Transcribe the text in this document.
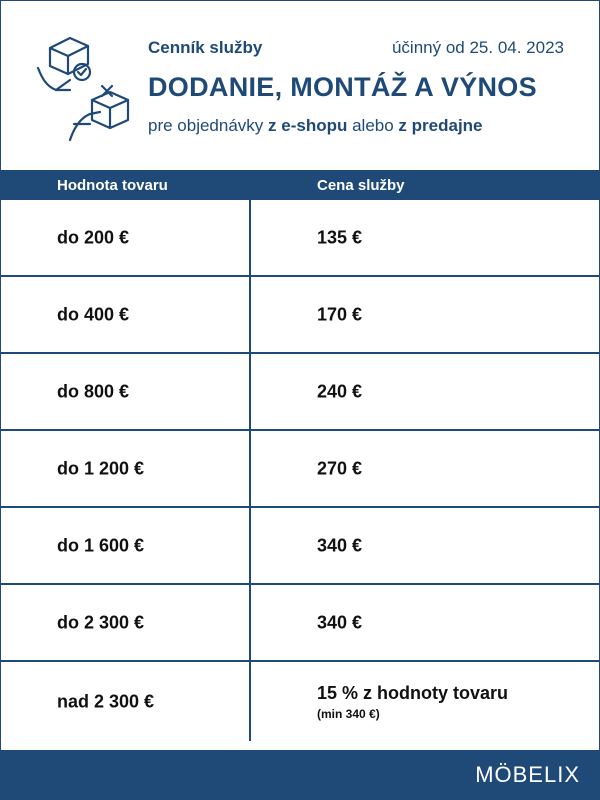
Cenník služby	účinný od 25. 04. 2023
DODANIE, MONTÁŽ A VÝNOS
pre objednávky z e-shopu alebo z predajne
Hodnota tovaru	Cena služby
do 200 €	135 €
do 400 €	170 €
do 800 €	240 €
do 1 200 €	270 €
do 1 600 €	340 €
do 2 300 €	340 €
nad 2 300 €	15 % z hodnoty tovaru
(min 340 €)
MÖBELIX
